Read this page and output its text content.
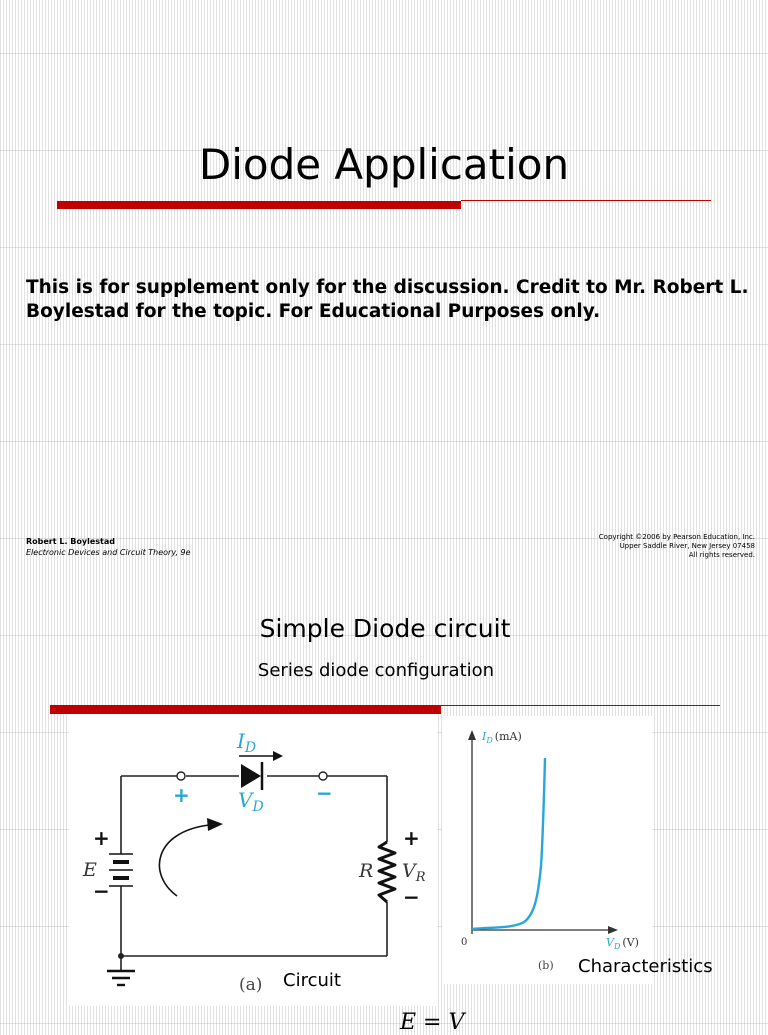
Diode Application
This is for supplement only for the discussion. Credit to Mr. Robert L. Boylestad for the topic. For Educational Purposes only.
Robert L. Boylestad
Electronic Devices and Circuit Theory, 9e
Copyright ©2006 by Pearson Education, Inc.
Upper Saddle River, New Jersey 07458
All rights reserved.
Simple Diode circuit
Series diode configuration
$I_D$
$V_D$
+	−
+
E
−
R
+
$V_R$
−
(a) Circuit
$I_D$ (mA)
$V_D$ (V)
0
(b) Characteristics
E = V
